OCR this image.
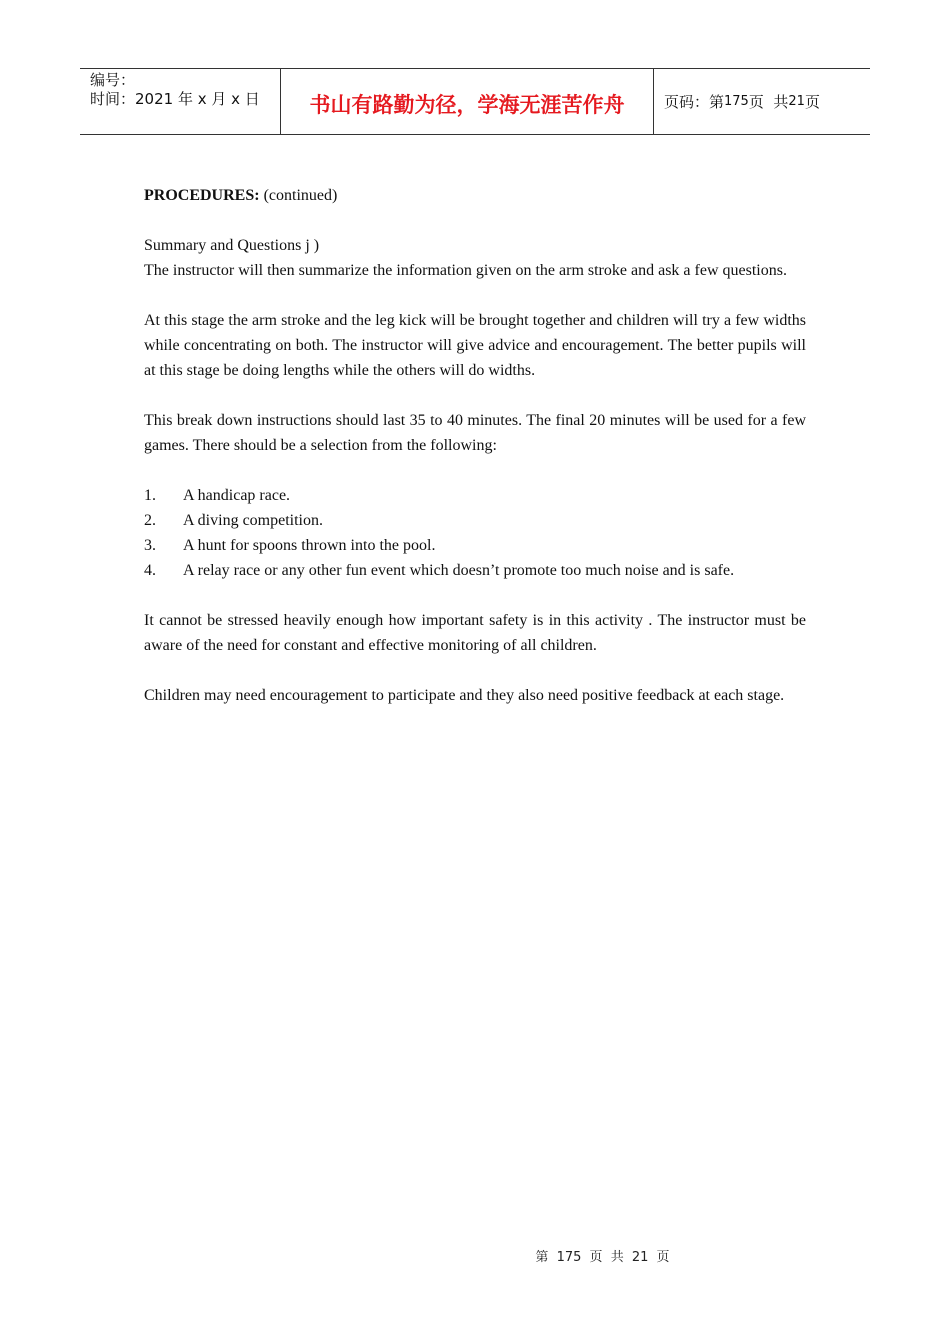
编号：
时间：2021 年 x 月 x 日	书山有路勤为径，学海无涯苦作舟	页码：第 175 页  共 21 页

PROCEDURES: (continued)

Summary and Questions j )

The instructor will then summarize the information given on the arm stroke and ask a few questions.

At this stage the arm stroke and the leg kick will be brought together and children will try a few widths while concentrating on both. The instructor will give advice and encouragement. The better pupils will at this stage be doing lengths while the others will do widths.

This break down instructions should last 35 to 40 minutes. The final 20 minutes will be used for a few games. There should be a selection from the following:

1.	A handicap race.
2.	A diving competition.
3.	A hunt for spoons thrown into the pool.
4.	A relay race or any other fun event which doesn’t promote too much noise and is safe.

It cannot be stressed heavily enough how important safety is in this activity . The instructor must be aware of the need for constant and effective monitoring of all children.

Children may need encouragement to participate and they also need positive feedback at each stage.

第 175 页 共 21 页
